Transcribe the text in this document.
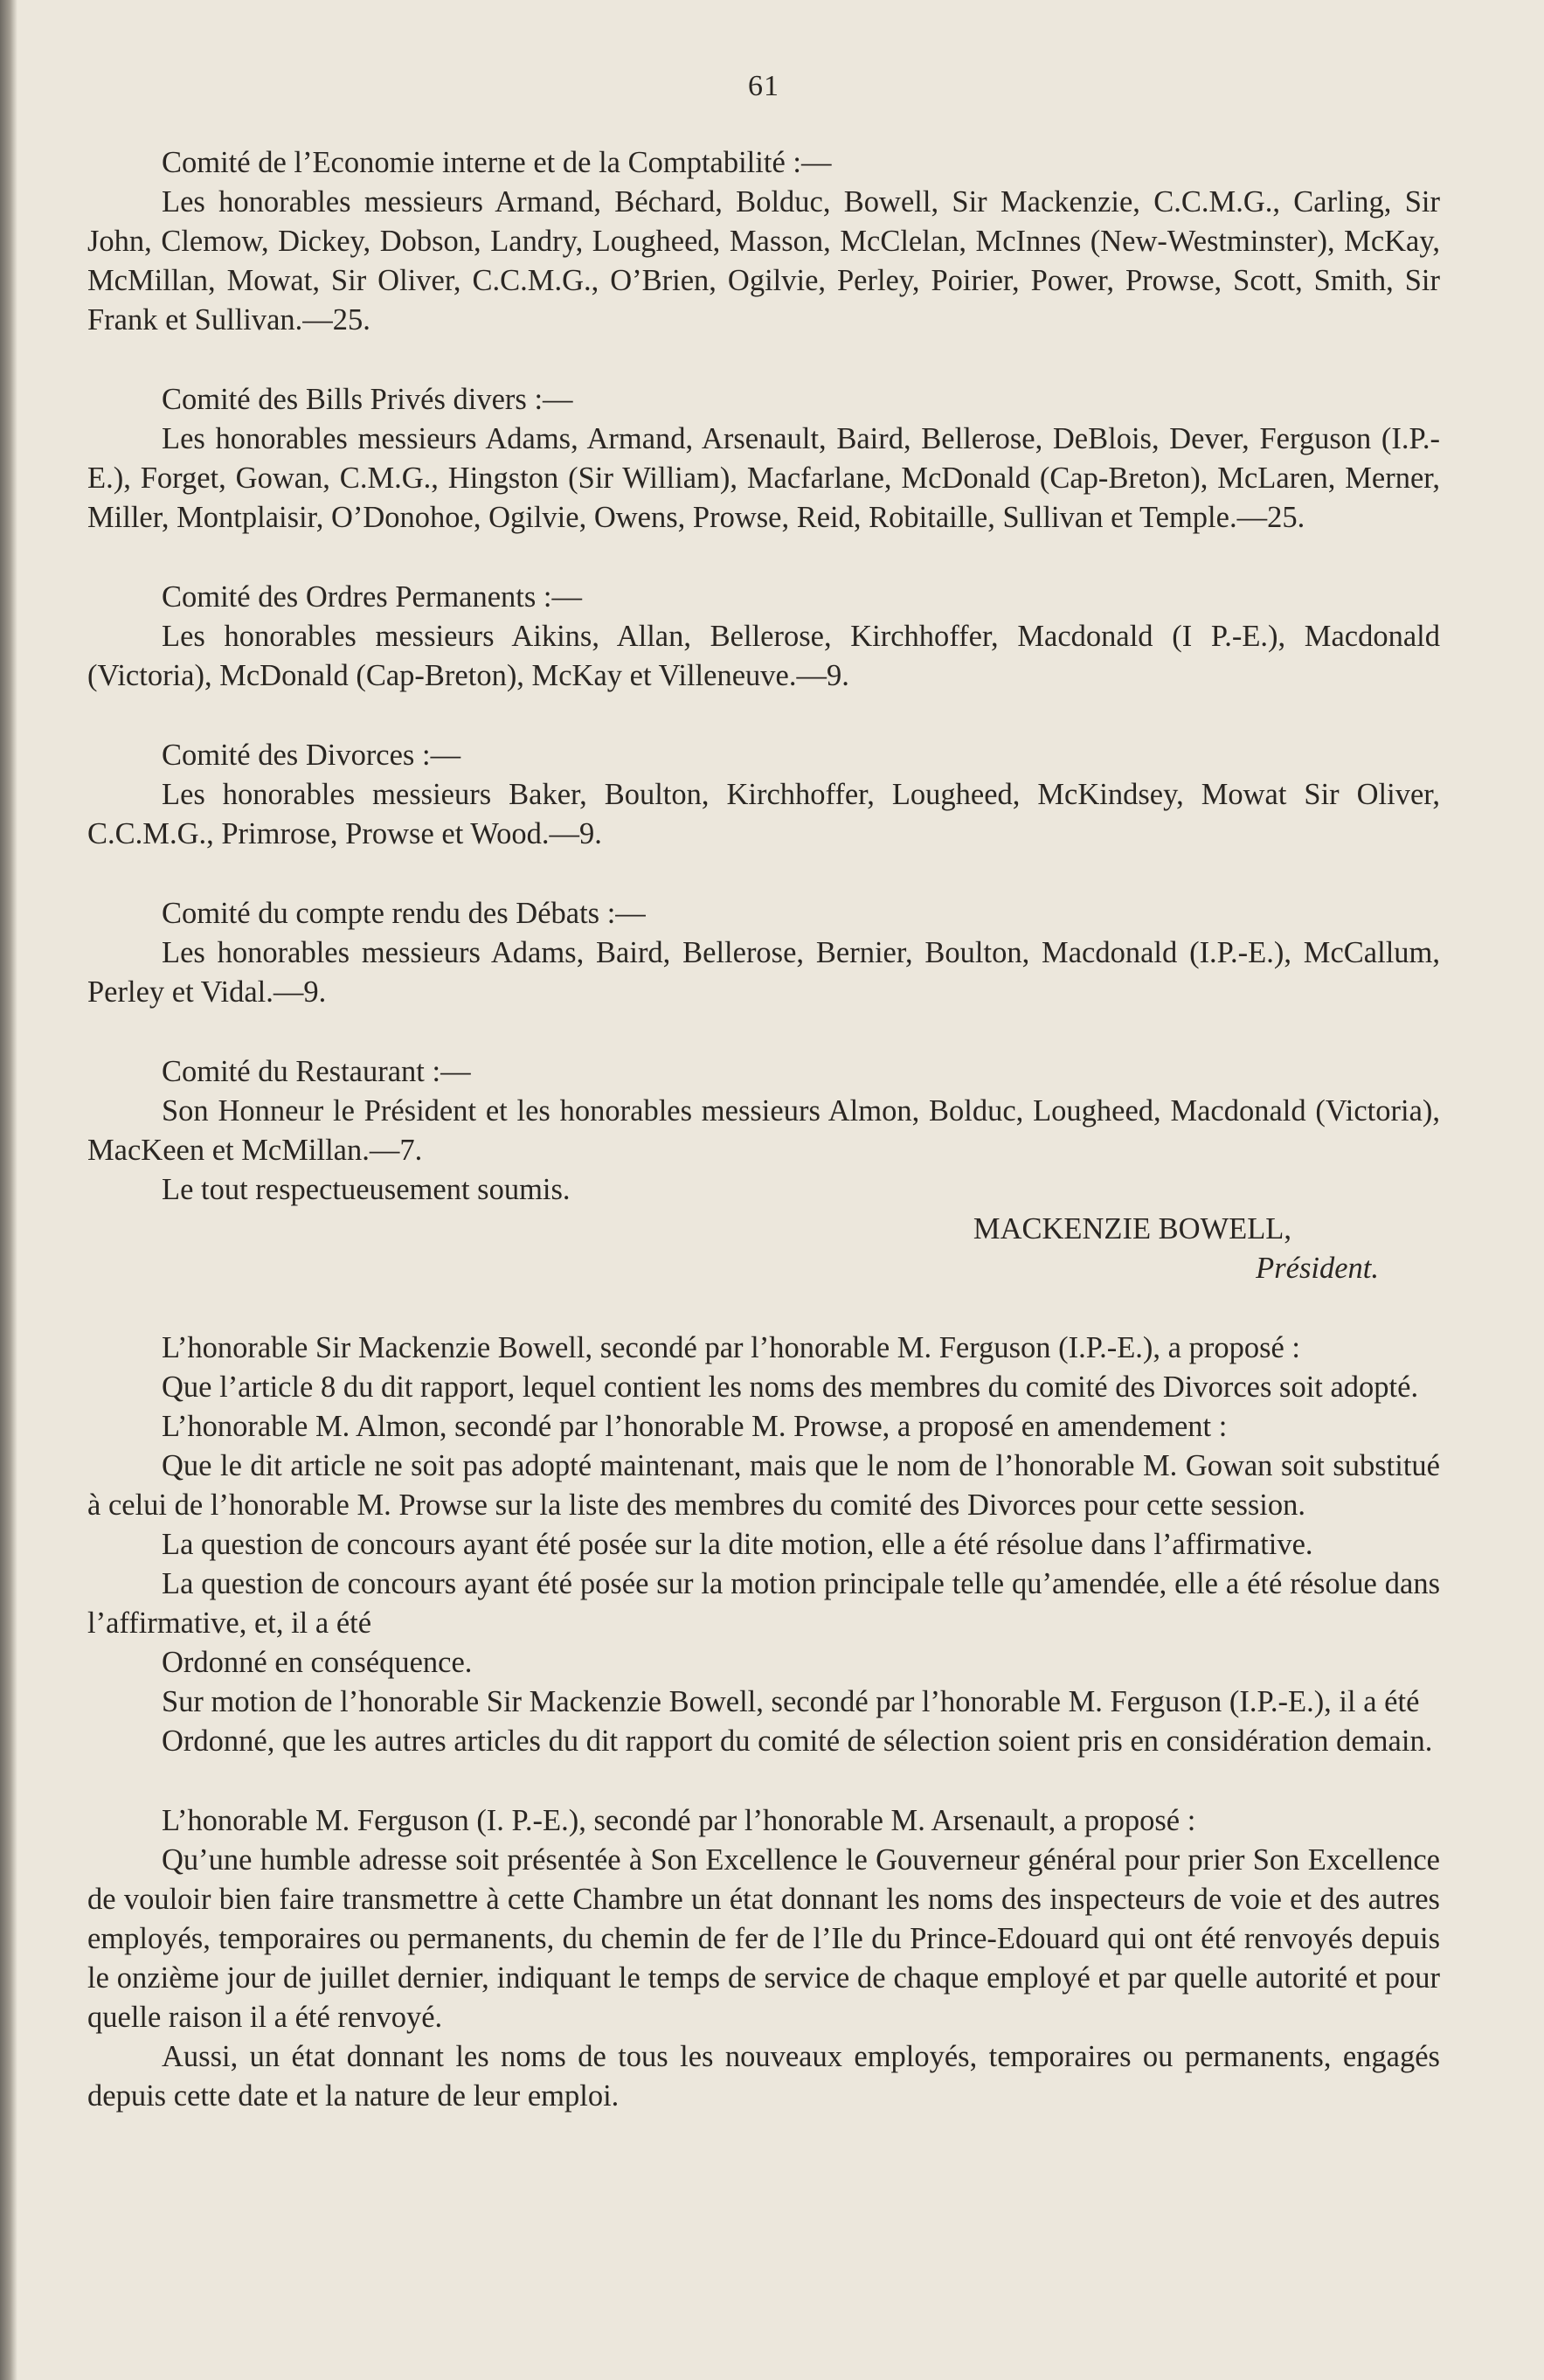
61

Comité de l’Economie interne et de la Comptabilité :—

Les honorables messieurs Armand, Béchard, Bolduc, Bowell, Sir Mackenzie, C.C.M.G., Carling, Sir John, Clemow, Dickey, Dobson, Landry, Lougheed, Masson, McClelan, McInnes (New-Westminster), McKay, McMillan, Mowat, Sir Oliver, C.C.M.G., O’Brien, Ogilvie, Perley, Poirier, Power, Prowse, Scott, Smith, Sir Frank et Sullivan.—25.

Comité des Bills Privés divers :—

Les honorables messieurs Adams, Armand, Arsenault, Baird, Bellerose, DeBlois, Dever, Ferguson (I.P.-E.), Forget, Gowan, C.M.G., Hingston (Sir William), Macfarlane, McDonald (Cap-Breton), McLaren, Merner, Miller, Montplaisir, O’Donohoe, Ogilvie, Owens, Prowse, Reid, Robitaille, Sullivan et Temple.—25.

Comité des Ordres Permanents :—

Les honorables messieurs Aikins, Allan, Bellerose, Kirchhoffer, Macdonald (I P.-E.), Macdonald (Victoria), McDonald (Cap-Breton), McKay et Villeneuve.—9.

Comité des Divorces :—

Les honorables messieurs Baker, Boulton, Kirchhoffer, Lougheed, McKindsey, Mowat Sir Oliver, C.C.M.G., Primrose, Prowse et Wood.—9.

Comité du compte rendu des Débats :—

Les honorables messieurs Adams, Baird, Bellerose, Bernier, Boulton, Macdonald (I.P.-E.), McCallum, Perley et Vidal.—9.

Comité du Restaurant :—

Son Honneur le Président et les honorables messieurs Almon, Bolduc, Lougheed, Macdonald (Victoria), MacKeen et McMillan.—7.

Le tout respectueusement soumis.

MACKENZIE BOWELL,

Président.

L’honorable Sir Mackenzie Bowell, secondé par l’honorable M. Ferguson (I.P.-E.), a proposé :

Que l’article 8 du dit rapport, lequel contient les noms des membres du comité des Divorces soit adopté.

L’honorable M. Almon, secondé par l’honorable M. Prowse, a proposé en amendement :

Que le dit article ne soit pas adopté maintenant, mais que le nom de l’honorable M. Gowan soit substitué à celui de l’honorable M. Prowse sur la liste des membres du comité des Divorces pour cette session.

La question de concours ayant été posée sur la dite motion, elle a été résolue dans l’affirmative.

La question de concours ayant été posée sur la motion principale telle qu’amendée, elle a été résolue dans l’affirmative, et, il a été

Ordonné en conséquence.

Sur motion de l’honorable Sir Mackenzie Bowell, secondé par l’honorable M. Ferguson (I.P.-E.), il a été

Ordonné, que les autres articles du dit rapport du comité de sélection soient pris en considération demain.

L’honorable M. Ferguson (I. P.-E.), secondé par l’honorable M. Arsenault, a proposé :

Qu’une humble adresse soit présentée à Son Excellence le Gouverneur général pour prier Son Excellence de vouloir bien faire transmettre à cette Chambre un état donnant les noms des inspecteurs de voie et des autres employés, temporaires ou permanents, du chemin de fer de l’Ile du Prince-Edouard qui ont été renvoyés depuis le onzième jour de juillet dernier, indiquant le temps de service de chaque employé et par quelle autorité et pour quelle raison il a été renvoyé.

Aussi, un état donnant les noms de tous les nouveaux employés, temporaires ou permanents, engagés depuis cette date et la nature de leur emploi.
